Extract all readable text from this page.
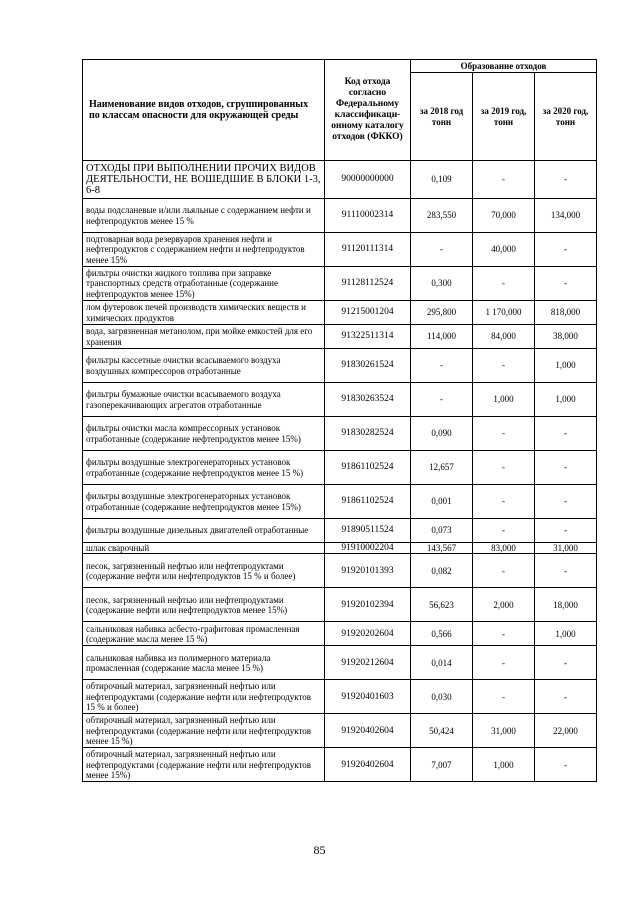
Наименование видов отходов, сгруппированных по классам опасности для окружающей среды	Код отхода согласно Федеральному классификаци-онному каталогу отходов (ФККО)	Образование отходов		
		за 2018 год тонн	за 2019 год, тонн	за 2020 год, тонн
ОТХОДЫ ПРИ ВЫПОЛНЕНИИ ПРОЧИХ ВИДОВ ДЕЯТЕЛЬНОСТИ, НЕ ВОШЕДШИЕ В БЛОКИ 1-3, 6-8	90000000000	0,109	-	-
воды подсланевые и/или льяльные с содержанием нефти и нефтепродуктов менее 15 %	91110002314	283,550	70,000	134,000
подтоварная вода резервуаров хранения нефти и нефтепродуктов с содержанием нефти и нефтепродуктов менее 15%	91120111314	-	40,000	-
фильтры очистки жидкого топлива при заправке транспортных средств отработанные (содержание нефтепродуктов менее 15%)	91128112524	0,300	-	-
лом футеровок печей производств химических веществ и химических продуктов	91215001204	295,800	1 170,000	818,000
вода, загрязненная метанолом, при мойке емкостей для его хранения	91322511314	114,000	84,000	38,000
фильтры кассетные очистки всасываемого воздуха воздушных компрессоров отработанные	91830261524	-	-	1,000
фильтры бумажные очистки всасываемого воздуха газоперекачивающих агрегатов отработанные	91830263524	-	1,000	1,000
фильтры очистки масла компрессорных установок отработанные (содержание нефтепродуктов менее 15%)	91830282524	0,090	-	-
фильтры воздушные электрогенераторных установок отработанные (содержание нефтепродуктов менее 15 %)	91861102524	12,657	-	-
фильтры воздушные электрогенераторных установок отработанные (содержание нефтепродуктов менее 15%)	91861102524	0,001	-	-
фильтры воздушные дизельных двигателей отработанные	91890511524	0,073	-	-
шлак сварочный	91910002204	143,567	83,000	31,000
песок, загрязненный нефтью или нефтепродуктами (содержание нефти или нефтепродуктов 15 % и более)	91920101393	0,082	-	-
песок, загрязненный нефтью или нефтепродуктами (содержание нефти или нефтепродуктов менее 15%)	91920102394	56,623	2,000	18,000
сальниковая набивка асбесто-графитовая промасленная (содержание масла менее 15 %)	91920202604	0,566	-	1,000
сальниковая набивка из полимерного материала промасленная (содержание масла менее 15 %)	91920212604	0,014	-	-
обтирочный материал, загрязненный нефтью или нефтепродуктами (содержание нефти или нефтепродуктов 15 % и более)	91920401603	0,030	-	-
обтирочный материал, загрязненный нефтью или нефтепродуктами (содержание нефти или нефтепродуктов менее 15 %)	91920402604	50,424	31,000	22,000
обтирочный материал, загрязненный нефтью или нефтепродуктами (содержание нефти или нефтепродуктов менее 15%)	91920402604	7,007	1,000	-
85
